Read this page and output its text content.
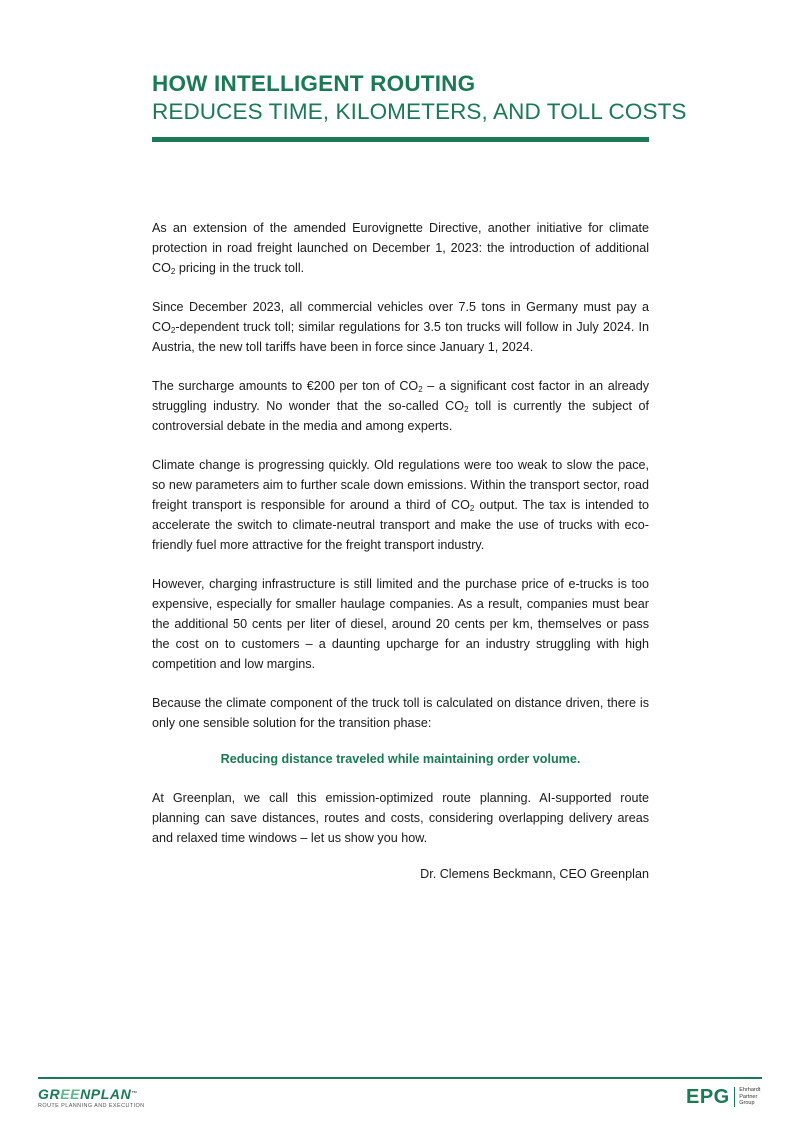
HOW INTELLIGENT ROUTING
REDUCES TIME, KILOMETERS, AND TOLL COSTS

As an extension of the amended Eurovignette Directive, another initiative for climate protection in road freight launched on December 1, 2023: the introduction of additional $CO_2$ pricing in the truck toll.

Since December 2023, all commercial vehicles over 7.5 tons in Germany must pay a $CO_2$-dependent truck toll; similar regulations for 3.5 ton trucks will follow in July 2024. In Austria, the new toll tariffs have been in force since January 1, 2024.

The surcharge amounts to €200 per ton of $CO_2$ – a significant cost factor in an already struggling industry. No wonder that the so-called $CO_2$ toll is currently the subject of controversial debate in the media and among experts.

Climate change is progressing quickly. Old regulations were too weak to slow the pace, so new parameters aim to further scale down emissions. Within the transport sector, road freight transport is responsible for around a third of $CO_2$ output. The tax is intended to accelerate the switch to climate-neutral transport and make the use of trucks with eco-friendly fuel more attractive for the freight transport industry.

However, charging infrastructure is still limited and the purchase price of e-trucks is too expensive, especially for smaller haulage companies. As a result, companies must bear the additional 50 cents per liter of diesel, around 20 cents per km, themselves or pass the cost on to customers – a daunting upcharge for an industry struggling with high competition and low margins.

Because the climate component of the truck toll is calculated on distance driven, there is only one sensible solution for the transition phase:

Reducing distance traveled while maintaining order volume.

At Greenplan, we call this emission-optimized route planning. AI-supported route planning can save distances, routes and costs, considering overlapping delivery areas and relaxed time windows – let us show you how.

Dr. Clemens Beckmann, CEO Greenplan

GREENPLAN™
ROUTE PLANNING AND EXECUTION	EPG Ehrhardt
Partner
Group
